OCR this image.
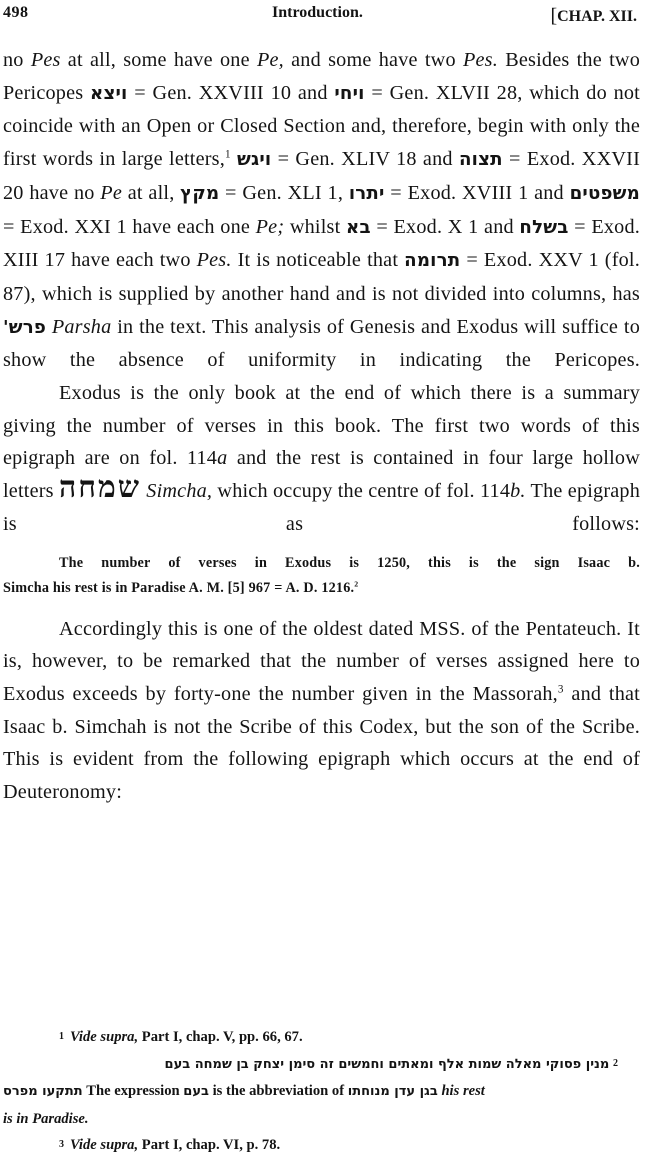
498	Introduction.
[	CHAP. XII.

no Pes at all, some have one Pe, and some have two Pes. Besides the two Pericopes ויצא = Gen. XXVIII 10 and ויחי = Gen. XLVII 28, which do not coincide with an Open or Closed Section and, therefore, begin with only the first words in large letters,$^1$ ויגש = Gen. XLIV 18 and תצוה = Exod. XXVII 20 have no Pe at all, מקץ = Gen. XLI 1, יתרו = Exod. XVIII 1 and משפטים = Exod. XXI 1 have each one Pe; whilst בא = Exod. X 1 and בשלח = Exod. XIII 17 have each two Pes. It is noticeable that תרומה = Exod. XXV 1 (fol. 87), which is supplied by another hand and is not divided into columns, has פרש' Parsha in the text. This analysis of Genesis and Exodus will suffice to show the absence of uniformity in indicating the Pericopes.

Exodus is the only book at the end of which there is a summary giving the number of verses in this book. The first two words of this epigraph are on fol. 114a and the rest is contained in four large hollow letters שמחה Simcha, which occupy the centre of fol. 114b. The epigraph is as follows:

The number of verses in Exodus is 1250, this is the sign Isaac b.
Simcha his rest is in Paradise A. M. [5] 967 = A. D. 1216.$^2$

Accordingly this is one of the oldest dated MSS. of the Pentateuch. It is, however, to be remarked that the number of verses assigned here to Exodus exceeds by forty-one the number given in the Massorah,$^3$ and that Isaac b. Simchah is not the Scribe of this Codex, but the son of the Scribe. This is evident from the following epigraph which occurs at the end of Deuteronomy:

$^1$ Vide supra, Part I, chap. V, pp. 66, 67.
מנין פסוקי מאלה שמות אלף ומאתים וחמשים זה סימן יצחק בן שמחה בעם $^2$
תתקעו מפרס The expression בעם is the abbreviation of בגן עדן מנוחתו his rest
is in Paradise.
$^3$ Vide supra, Part I, chap. VI, p. 78.
